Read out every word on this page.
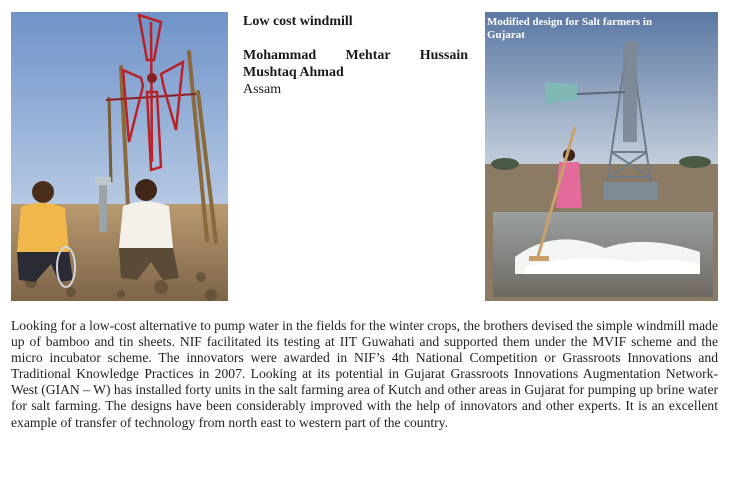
Low cost windmill

Mohammad Mehtar Hussain Mushtaq Ahmad

Assam

Modified design for Salt farmers in Gujarat

Looking for a low-cost alternative to pump water in the fields for the winter crops, the brothers devised the simple windmill made up of bamboo and tin sheets. NIF facilitated its testing at IIT Guwahati and supported them under the MVIF scheme and the micro incubator scheme. The innovators were awarded in NIF’s 4th National Competition or Grassroots Innovations and Traditional Knowledge Practices in 2007. Looking at its potential in Gujarat Grassroots Innovations Augmentation Network- West (GIAN – W) has installed forty units in the salt farming area of Kutch and other areas in Gujarat for pumping up brine water for salt farming. The designs have been considerably improved with the help of innovators and other experts. It is an excellent example of transfer of technology from north east to western part of the country.
